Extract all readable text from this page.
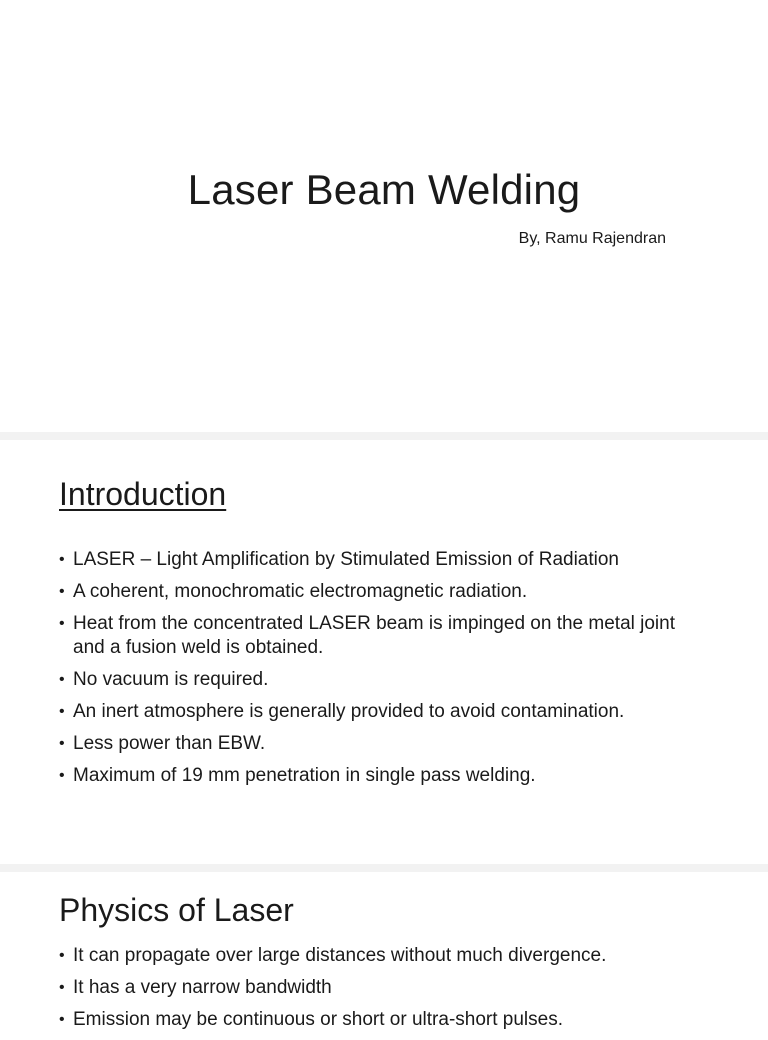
Laser Beam Welding

By, Ramu Rajendran

Introduction
• LASER – Light Amplification by Stimulated Emission of Radiation
• A coherent, monochromatic electromagnetic radiation.
• Heat from the concentrated LASER beam is impinged on the metal joint and a fusion weld is obtained.
• No vacuum is required.
• An inert atmosphere is generally provided to avoid contamination.
• Less power than EBW.
• Maximum of 19 mm penetration in single pass welding.
Physics of Laser
• It can propagate over large distances without much divergence.
• It has a very narrow bandwidth
• Emission may be continuous or short or ultra-short pulses.
